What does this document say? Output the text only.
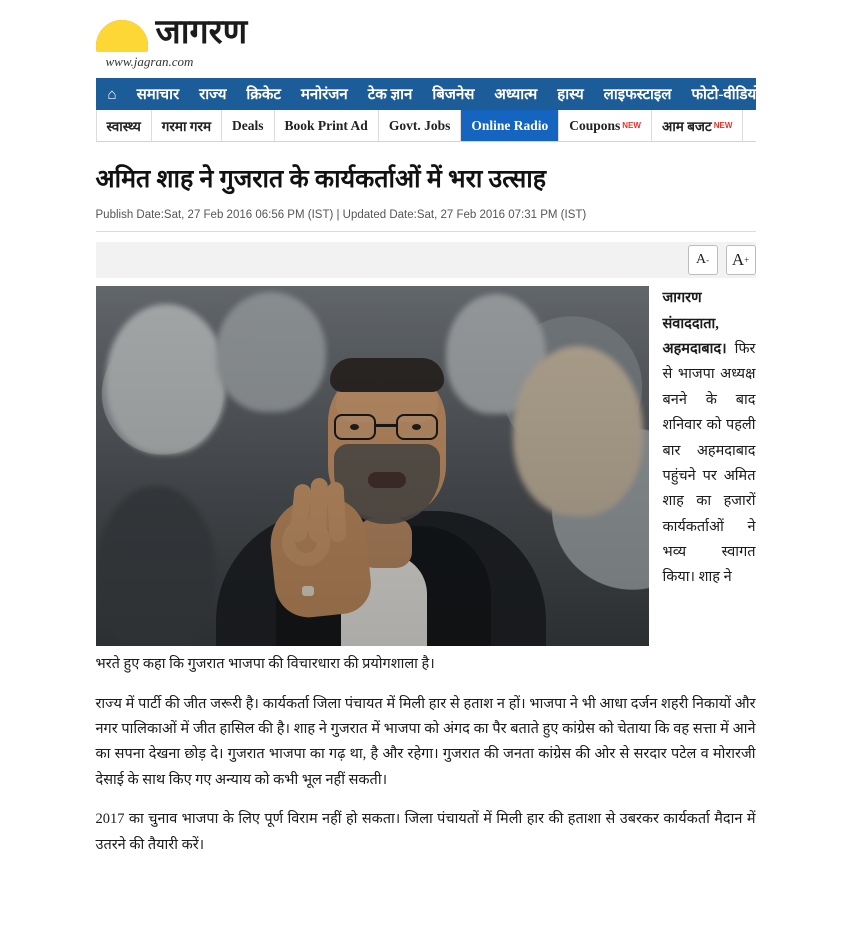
जागरण
www.jagran.com
⌂	समाचार	राज्य	क्रिकेट	मनोरंजन	टेक ज्ञान	बिजनेस	अध्यात्म	हास्य	लाइफस्टाइल	फोटो-वीडियो
स्वास्थ्य गरमा गरम Deals Book Print Ad Govt. Jobs Online Radio Coupons NEW आम बजट NEW
अमित शाह ने गुजरात के कार्यकर्ताओं में भरा उत्साह
Publish Date:Sat, 27 Feb 2016 06:56 PM (IST) | Updated Date:Sat, 27 Feb 2016 07:31 PM (IST)
A - A +

जागरण संवाददाता, अहमदाबाद। फिर से भाजपा अध्यक्ष बनने के बाद शनिवार को पहली बार अहमदाबाद पहुंचने पर अमित शाह का हजारों कार्यकर्ताओं ने भव्य स्वागत किया। शाह ने

भरते हुए कहा कि गुजरात भाजपा की विचारधारा की प्रयोगशाला है।

राज्य में पार्टी की जीत जरूरी है। कार्यकर्ता जिला पंचायत में मिली हार से हताश न हों। भाजपा ने भी आधा दर्जन शहरी निकायों और नगर पालिकाओं में जीत हासिल की है। शाह ने गुजरात में भाजपा को अंगद का पैर बताते हुए कांग्रेस को चेताया कि वह सत्ता में आने का सपना देखना छोड़ दे। गुजरात भाजपा का गढ़ था, है और रहेगा। गुजरात की जनता कांग्रेस की ओर से सरदार पटेल व मोरारजी देसाई के साथ किए गए अन्याय को कभी भूल नहीं सकती।

2017 का चुनाव भाजपा के लिए पूर्ण विराम नहीं हो सकता। जिला पंचायतों में मिली हार की हताशा से उबरकर कार्यकर्ता मैदान में उतरने की तैयारी करें।
